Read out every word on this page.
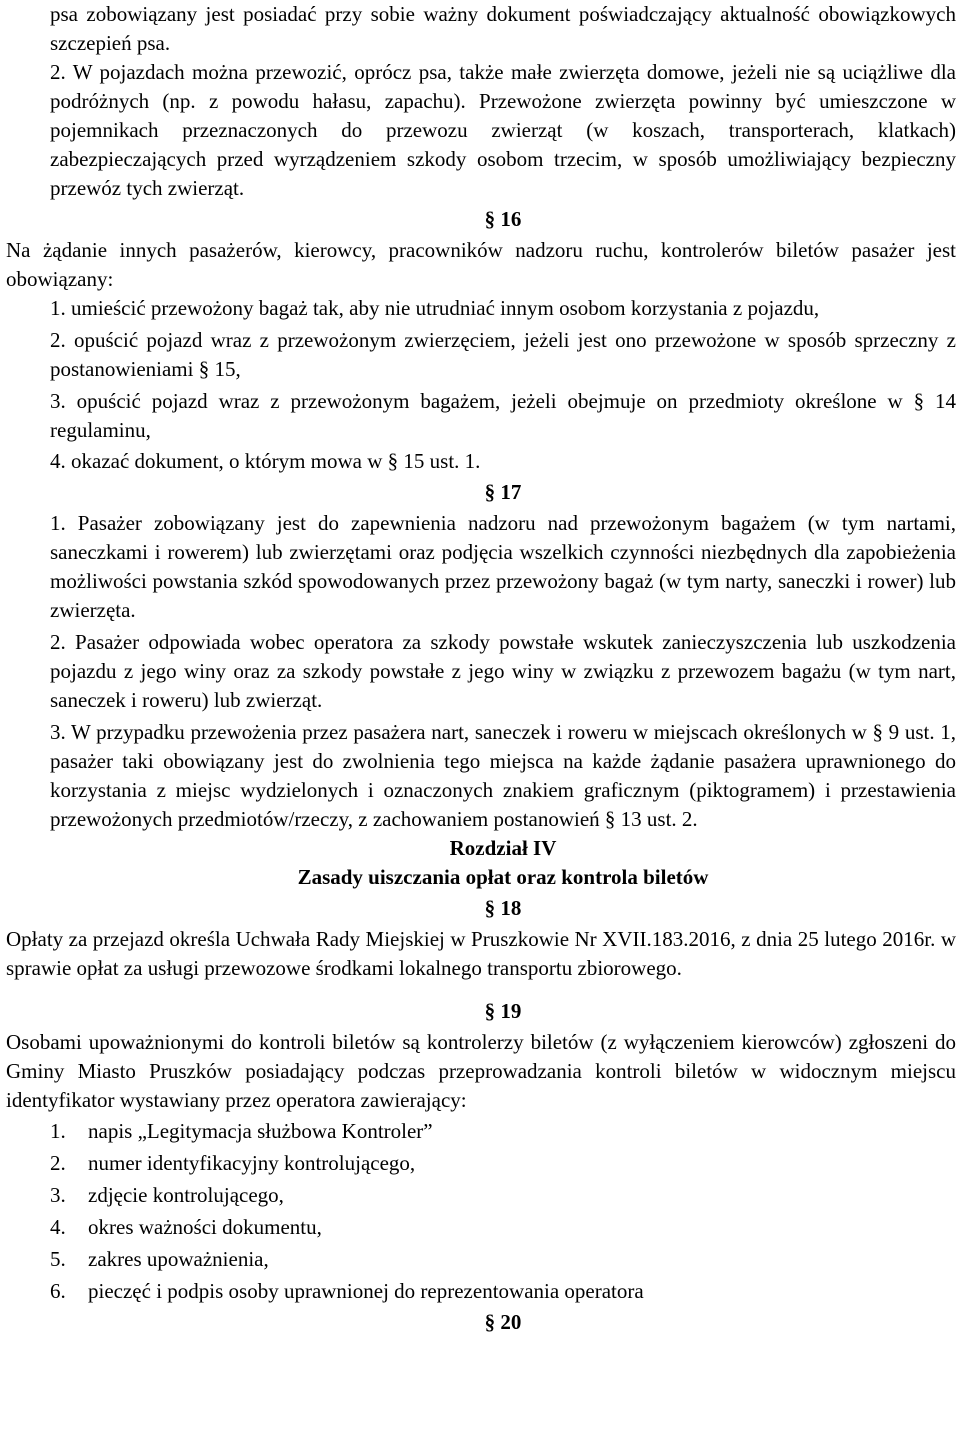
psa zobowiązany jest posiadać przy sobie ważny dokument poświadczający aktualność obowiązkowych szczepień psa.

2. W pojazdach można przewozić, oprócz psa, także małe zwierzęta domowe, jeżeli nie są uciążliwe dla podróżnych (np. z powodu hałasu, zapachu). Przewożone zwierzęta powinny być umieszczone w pojemnikach przeznaczonych do przewozu zwierząt (w koszach, transporterach, klatkach) zabezpieczających przed wyrządzeniem szkody osobom trzecim, w sposób umożliwiający bezpieczny przewóz tych zwierząt.

§ 16

Na żądanie innych pasażerów, kierowcy, pracowników nadzoru ruchu, kontrolerów biletów pasażer jest obowiązany:

1. umieścić przewożony bagaż tak, aby nie utrudniać innym osobom korzystania z pojazdu,

2. opuścić pojazd wraz z przewożonym zwierzęciem, jeżeli jest ono przewożone w sposób sprzeczny z postanowieniami § 15,

3. opuścić pojazd wraz z przewożonym bagażem, jeżeli obejmuje on przedmioty określone w § 14 regulaminu,

4. okazać dokument, o którym mowa w § 15 ust. 1.

§ 17

1. Pasażer zobowiązany jest do zapewnienia nadzoru nad przewożonym bagażem (w tym nartami, saneczkami i rowerem) lub zwierzętami oraz podjęcia wszelkich czynności niezbędnych dla zapobieżenia możliwości powstania szkód spowodowanych przez przewożony bagaż (w tym narty, saneczki i rower) lub zwierzęta.

2. Pasażer odpowiada wobec operatora za szkody powstałe wskutek zanieczyszczenia lub uszkodzenia pojazdu z jego winy oraz za szkody powstałe z jego winy w związku z przewozem bagażu (w tym nart, saneczek i roweru) lub zwierząt.

3. W przypadku przewożenia przez pasażera nart, saneczek i roweru w miejscach określonych w § 9 ust. 1, pasażer taki obowiązany jest do zwolnienia tego miejsca na każde żądanie pasażera uprawnionego do korzystania z miejsc wydzielonych i oznaczonych znakiem graficznym (piktogramem) i przestawienia przewożonych przedmiotów/rzeczy, z zachowaniem postanowień § 13 ust. 2.

Rozdział IV
Zasady uiszczania opłat oraz kontrola biletów
§ 18

Opłaty za przejazd określa Uchwała Rady Miejskiej w Pruszkowie Nr XVII.183.2016, z dnia 25 lutego 2016r. w sprawie opłat za usługi przewozowe środkami lokalnego transportu zbiorowego.

§ 19

Osobami upoważnionymi do kontroli biletów są kontrolerzy biletów (z wyłączeniem kierowców) zgłoszeni do Gminy Miasto Pruszków posiadający podczas przeprowadzania kontroli biletów w widocznym miejscu identyfikator wystawiany przez operatora zawierający:

1.	napis „Legitymacja służbowa Kontroler”
2.	numer identyfikacyjny kontrolującego,
3.	zdjęcie kontrolującego,
4.	okres ważności dokumentu,
5.	zakres upoważnienia,
6.	pieczęć i podpis osoby uprawnionej do reprezentowania operatora
§ 20
